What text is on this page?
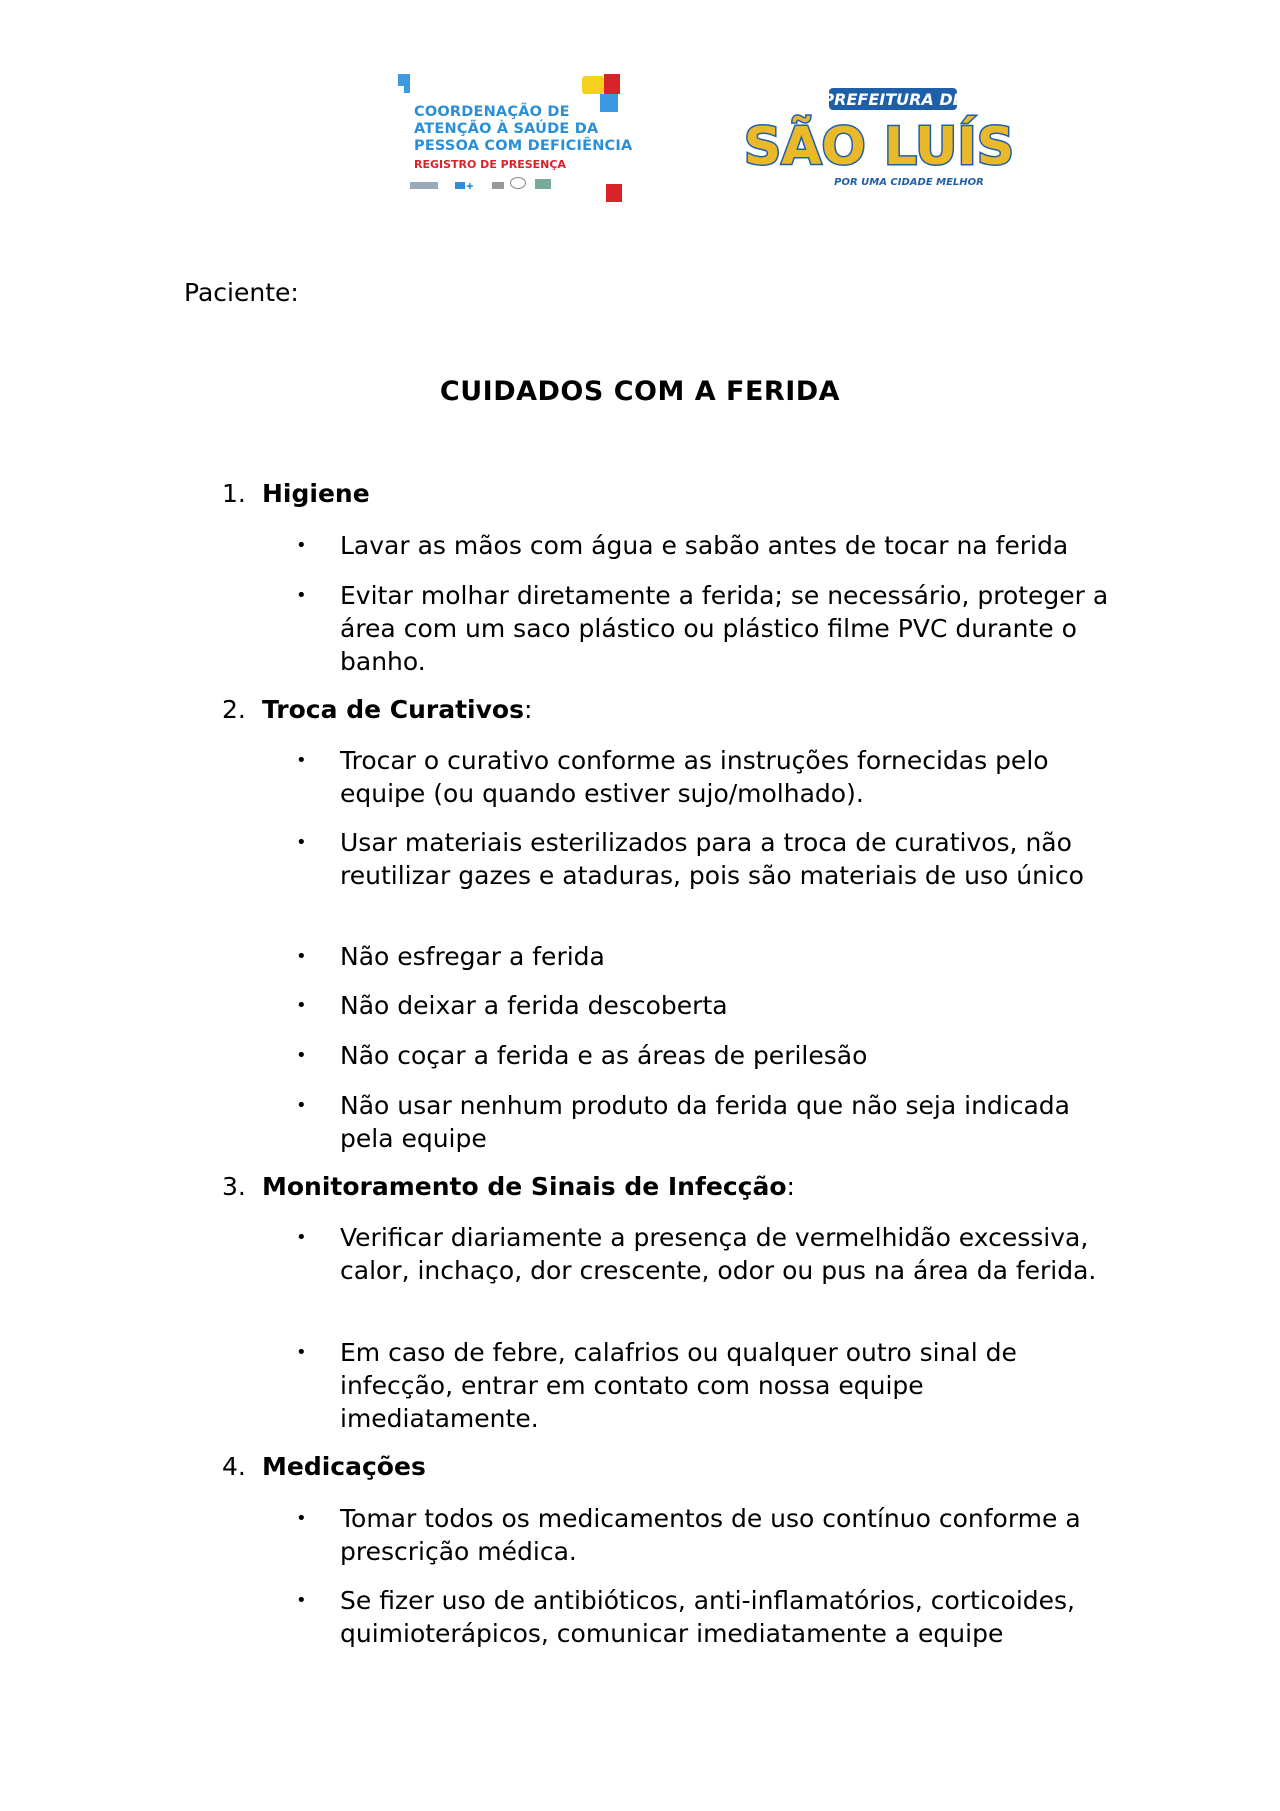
COORDENAÇÃO DE
ATENÇÃO À SAÚDE DA
PESSOA COM DEFICIÊNCIA
REGISTRO DE PRESENÇA
✚
PREFEITURA DE
SÃO LUÍS
POR UMA CIDADE MELHOR
Paciente:
CUIDADOS COM A FERIDA
1. Higiene
• Lavar as mãos com água e sabão antes de tocar na ferida
• Evitar molhar diretamente a ferida; se necessário, proteger a área com um saco plástico ou plástico filme PVC durante o banho.
2. Troca de Curativos:
• Trocar o curativo conforme as instruções fornecidas pelo equipe (ou quando estiver sujo/molhado).
• Usar materiais esterilizados para a troca de curativos, não reutilizar gazes e ataduras, pois são materiais de uso único
• Não esfregar a ferida
• Não deixar a ferida descoberta
• Não coçar a ferida e as áreas de perilesão
• Não usar nenhum produto da ferida que não seja indicada pela equipe
3. Monitoramento de Sinais de Infecção:
• Verificar diariamente a presença de vermelhidão excessiva, calor, inchaço, dor crescente, odor ou pus na área da ferida.
• Em caso de febre, calafrios ou qualquer outro sinal de infecção, entrar em contato com nossa equipe imediatamente.
4. Medicações
• Tomar todos os medicamentos de uso contínuo conforme a prescrição médica.
• Se fizer uso de antibióticos, anti-inflamatórios, corticoides, quimioterápicos, comunicar imediatamente a equipe
